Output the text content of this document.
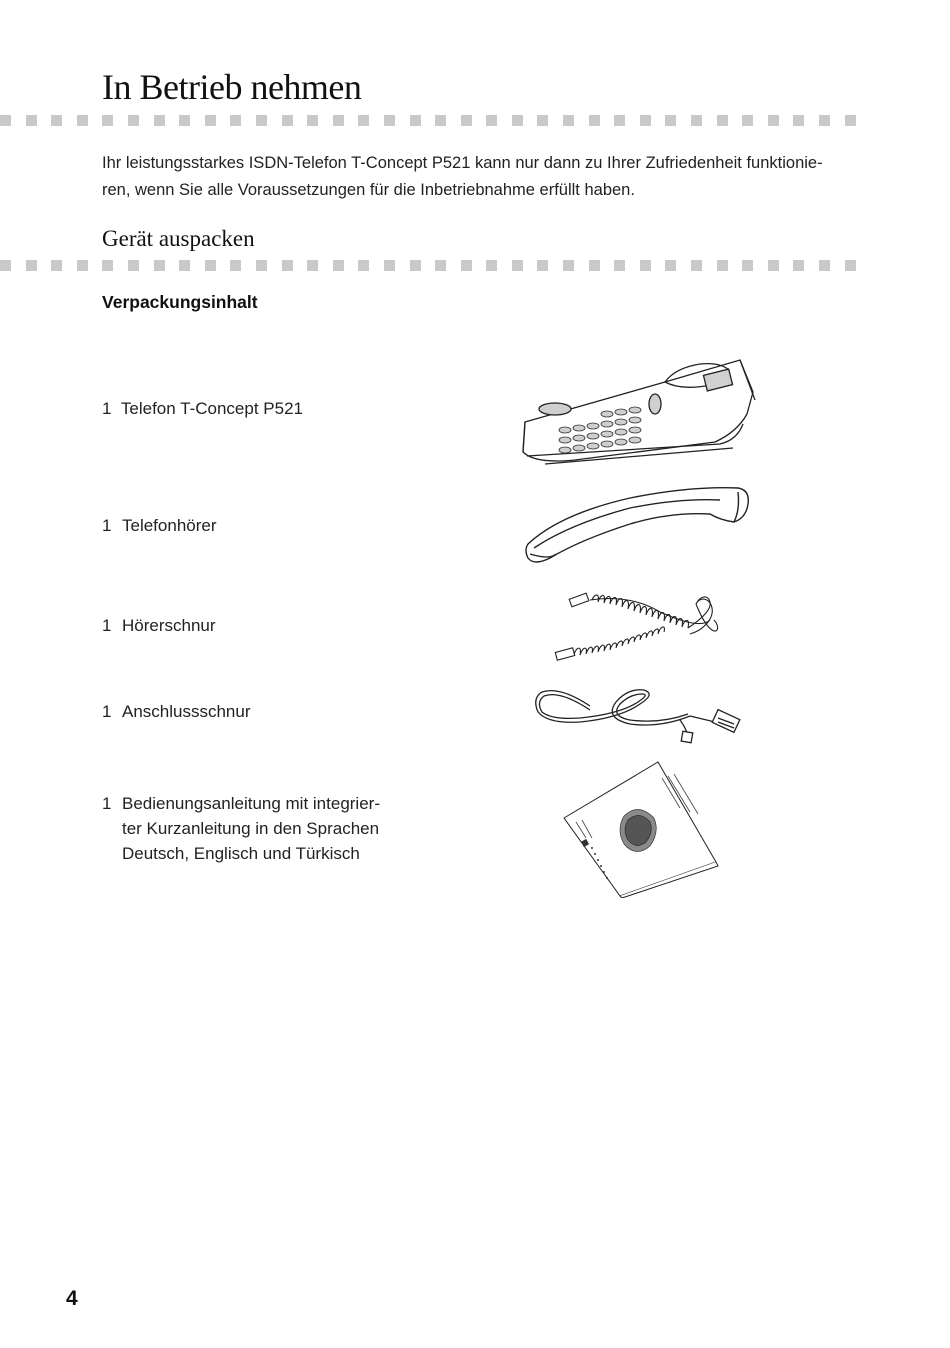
In Betrieb nehmen

Ihr leistungsstarkes ISDN-Telefon T-Concept P521 kann nur dann zu Ihrer Zufriedenheit funktionie-
ren, wenn Sie alle Voraussetzungen für die Inbetriebnahme erfüllt haben.

Gerät auspacken
Verpackungsinhalt
1 Telefon T-Concept P521
1 Telefonhörer
1 Hörerschnur
1 Anschlussschnur
1 Bedienungsanleitung mit integrier-
ter Kurzanleitung in den Sprachen
Deutsch, Englisch und Türkisch
4
